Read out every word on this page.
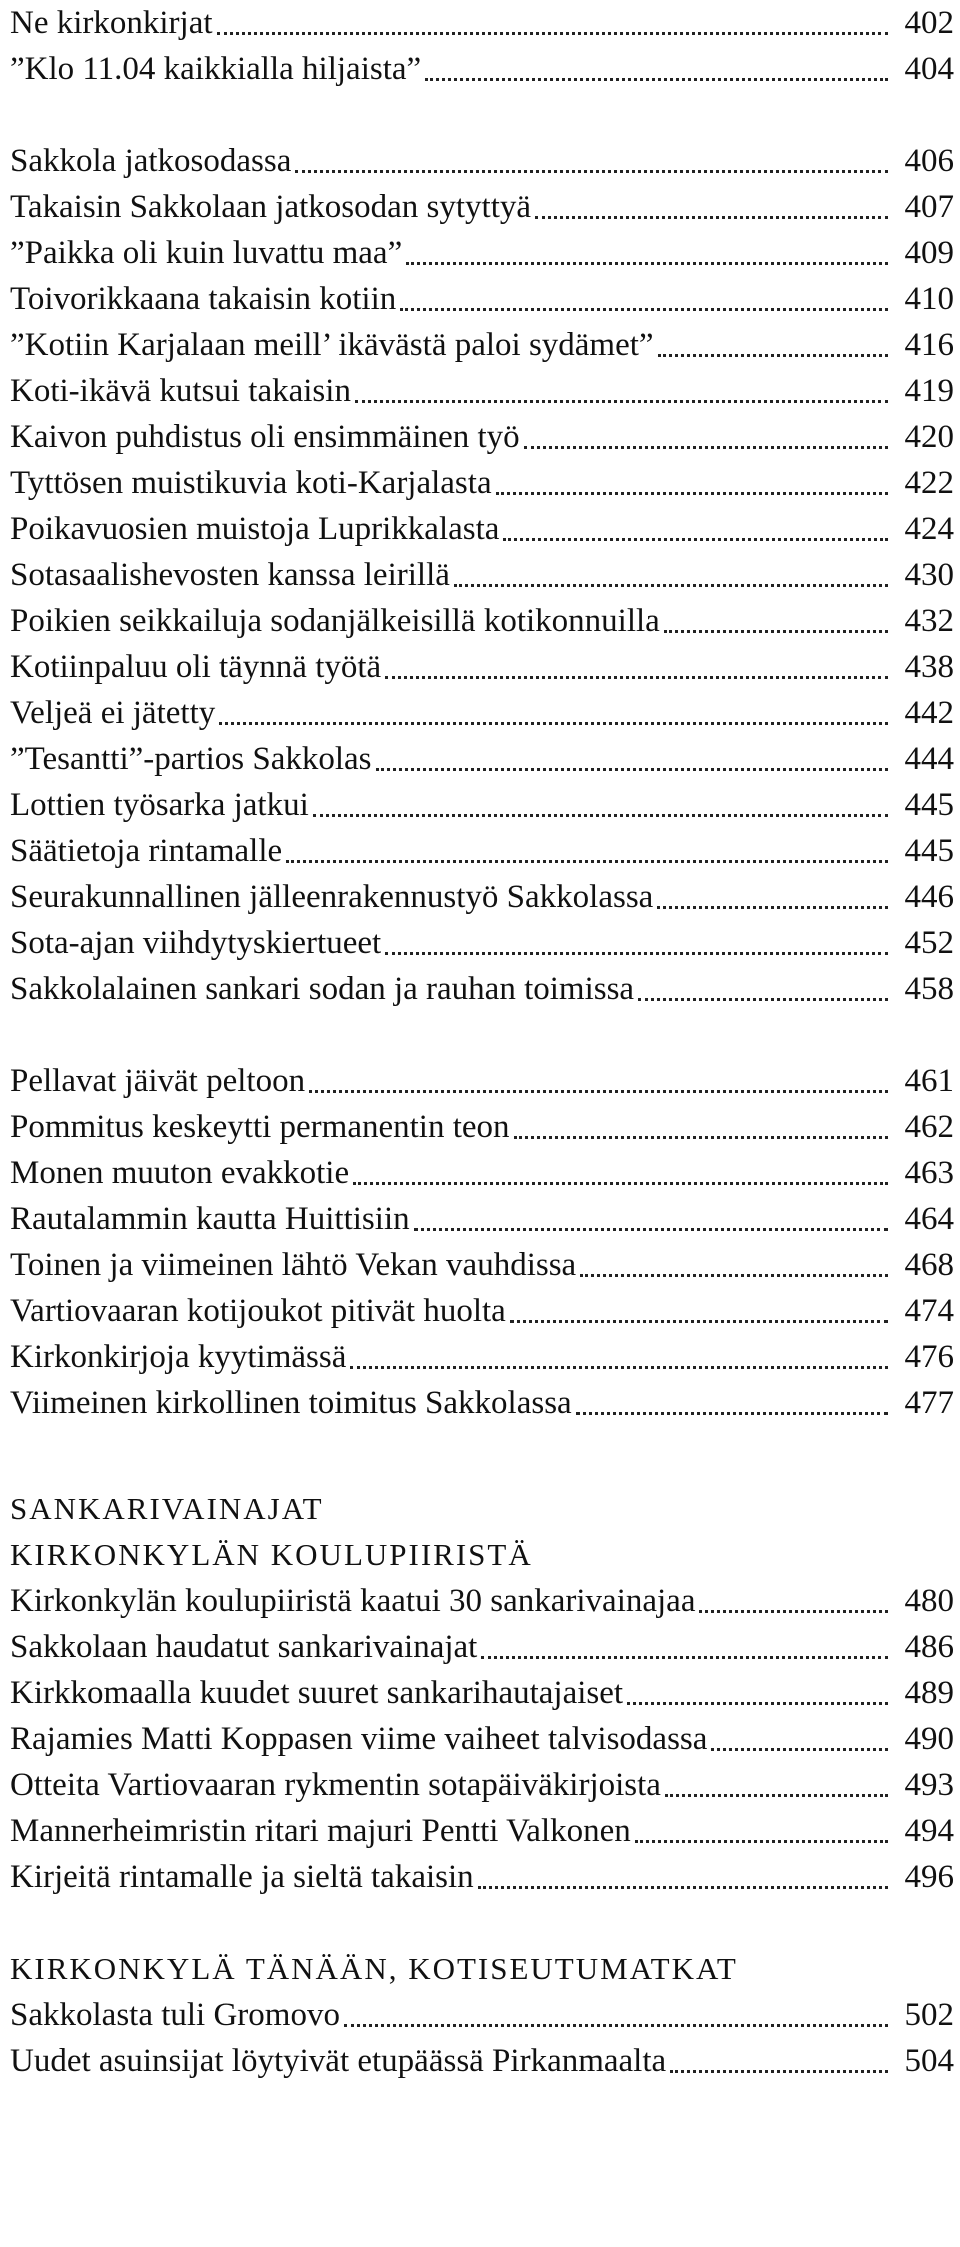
Ne kirkonkirjat	402
”Klo 11.04 kaikkialla hiljaista”	404
Sakkola jatkosodassa	406
Takaisin Sakkolaan jatkosodan sytyttyä	407
”Paikka oli kuin luvattu maa”	409
Toivorikkaana takaisin kotiin	410
”Kotiin Karjalaan meill’ ikävästä paloi sydämet”	416
Koti-ikävä kutsui takaisin	419
Kaivon puhdistus oli ensimmäinen työ	420
Tyttösen muistikuvia koti-Karjalasta	422
Poikavuosien muistoja Luprikkalasta	424
Sotasaalishevosten kanssa leirillä	430
Poikien seikkailuja sodanjälkeisillä kotikonnuilla	432
Kotiinpaluu oli täynnä työtä	438
Veljeä ei jätetty	442
”Tesantti”-partios Sakkolas	444
Lottien työsarka jatkui	445
Säätietoja rintamalle	445
Seurakunnallinen jälleenrakennustyö Sakkolassa	446
Sota-ajan viihdytyskiertueet	452
Sakkolalainen sankari sodan ja rauhan toimissa	458
Pellavat jäivät peltoon	461
Pommitus keskeytti permanentin teon	462
Monen muuton evakkotie	463
Rautalammin kautta Huittisiin	464
Toinen ja viimeinen lähtö Vekan vauhdissa	468
Vartiovaaran kotijoukot pitivät huolta	474
Kirkonkirjoja kyytimässä	476
Viimeinen kirkollinen toimitus Sakkolassa	477
SANKARIVAINAJAT
KIRKONKYLÄN KOULUPIIRISTÄ
Kirkonkylän koulupiiristä kaatui 30 sankarivainajaa	480
Sakkolaan haudatut sankarivainajat	486
Kirkkomaalla kuudet suuret sankarihautajaiset	489
Rajamies Matti Koppasen viime vaiheet talvisodassa	490
Otteita Vartiovaaran rykmentin sotapäiväkirjoista	493
Mannerheimristin ritari majuri Pentti Valkonen	494
Kirjeitä rintamalle ja sieltä takaisin	496
KIRKONKYLÄ TÄNÄÄN, KOTISEUTUMATKAT
Sakkolasta tuli Gromovo	502
Uudet asuinsijat löytyivät etupäässä Pirkanmaalta	504
